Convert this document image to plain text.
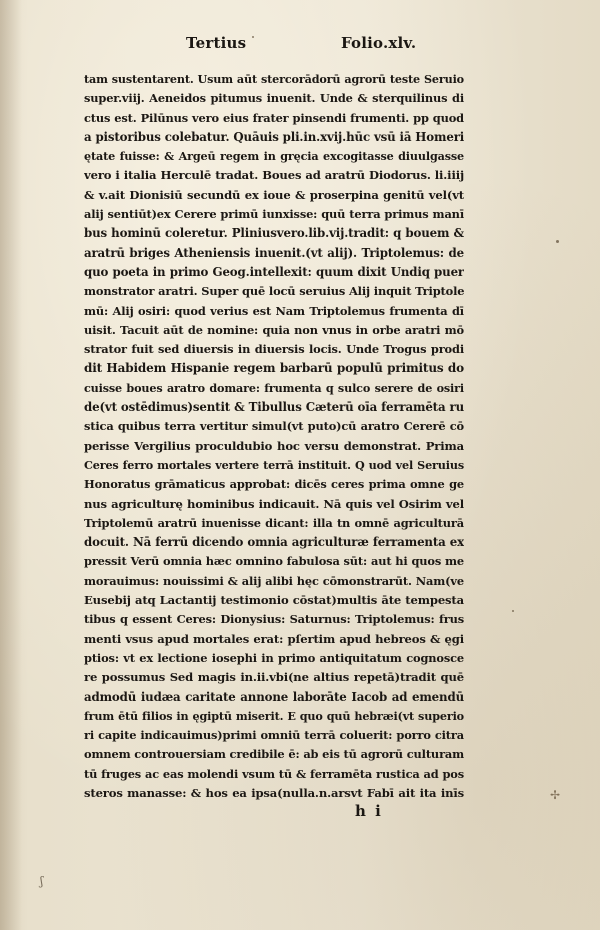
Tertius	Folio.xlv.
tam sustentarent. Usum aūt stercorādorū agrorū teste Seruio
super.viij. Aeneidos pitumus inuenit. Unde & sterquilinus di
ctus est. Pilūnus vero eius frater pinsendi frumenti. pp quod
a pistoribus colebatur. Quāuis pli.in.xvij.hūc vsū iā Homeri
ętate fuisse: & Argeū regem in gręcia excogitasse diuulgasse
vero i italia Herculē tradat. Boues ad aratrū Diodorus. li.iiij
& v.ait Dionisiū secundū ex ioue & proserpina genitū vel(vt
alij sentiūt)ex Cerere primū iunxisse: quū terra primus manī
bus hominū coleretur. Pliniusvero.lib.vij.tradit: q bouem &
aratrū briges Atheniensis inuenit.(vt alij). Triptolemus: de
quo poeta in primo Geog.intellexit: quum dixit Undiq puer
monstrator aratri. Super quē locū seruius Alij inquit Triptole
mū: Alij osiri: quod verius est Nam Triptolemus frumenta dī
uisit. Tacuit aūt de nomine: quia non vnus in orbe aratri mō
strator fuit sed diuersis in diuersis locis. Unde Trogus prodi
dit Habidem Hispanie regem barbarū populū primitus do
cuisse boues aratro domare: frumenta q sulco serere de osiri
de(vt ostēdimus)sentit & Tibullus Cæterū oīa ferramēta ru
stica quibus terra vertitur simul(vt puto)cū aratro Cererē cō
perisse Vergilius proculdubio hoc versu demonstrat. Prima
Ceres ferro mortales vertere terrā instituit. Q uod vel Seruius
Honoratus grāmaticus approbat: dicēs ceres prima omne ge
nus agriculturę hominibus indicauit. Nā quis vel Osirim vel
Triptolemū aratrū inuenisse dicant: illa tn omnē agriculturā
docuit. Nā ferrū dicendo omnia agriculturæ ferramenta ex
pressit Verū omnia hæc omnino fabulosa sūt: aut hi quos me
morauimus: nouissimi & alij alibi hęc cōmonstrarūt. Nam(ve
Eusebij atq Lactantij testimonio cōstat)multis āte tempesta
tibus q essent Ceres: Dionysius: Saturnus: Triptolemus: frus
menti vsus apud mortales erat: pſertim apud hebreos & ęgi
ptios: vt ex lectione iosephi in primo antiquitatum cognosce
re possumus Sed magis in.ii.vbi(ne altius repetā)tradit quē
admodū iudæa caritate annone laborāte Iacob ad emendū
frum ētū filios in ęgiptū miserit. E quo quū hebræi(vt superio
ri capite indicauimus)primi omniū terrā coluerit: porro citra
omnem controuersiam credibile ē: ab eis tū agrorū culturam
tū fruges ac eas molendi vsum tū & ferramēta rustica ad pos
steros manasse: & hos ea ipsa(nulla.n.arsvt Fabī ait ita inīs
h i
✢
ʃ
